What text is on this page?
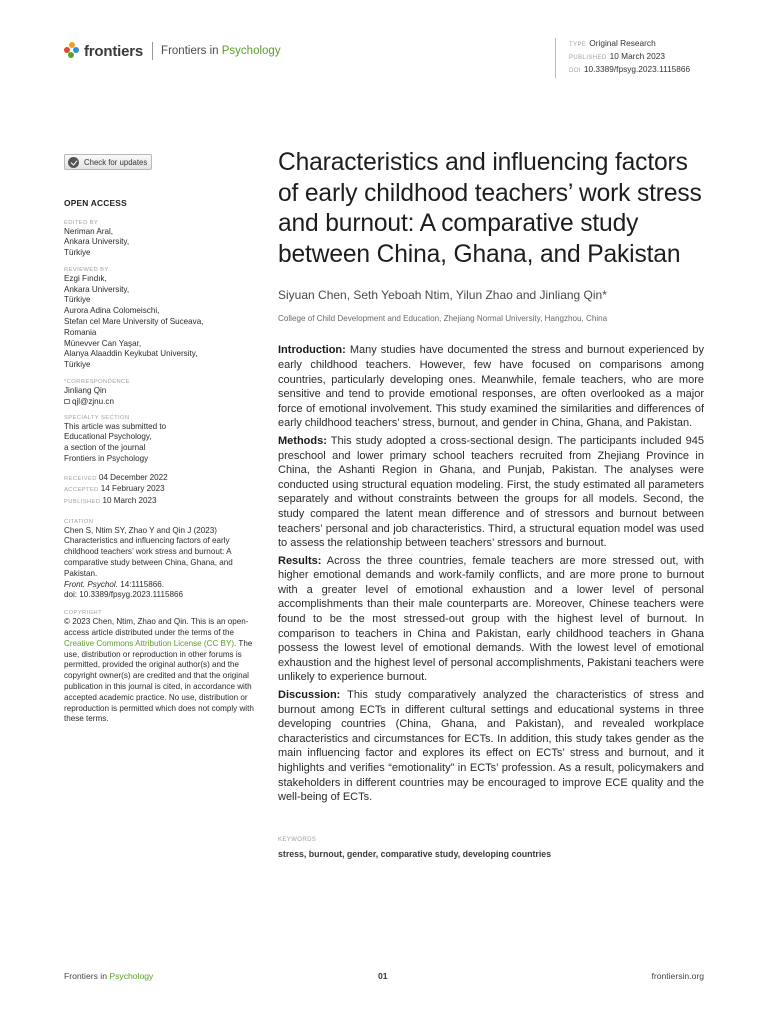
frontiers Frontiers in Psychology	TYPE Original Research
PUBLISHED 10 March 2023
DOI 10.3389/fpsyg.2023.1115866
Check for updates
OPEN ACCESS
EDITED BY
Neriman Aral,
Ankara University,
Türkiye
REVIEWED BY
Ezgi Fındık,
Ankara University,
Türkiye
Aurora Adina Colomeischi,
Stefan cel Mare University of Suceava,
Romania
Münevver Can Yaşar,
Alanya Alaaddin Keykubat University,
Türkiye
*CORRESPONDENCE
Jinliang Qin
qjl@zjnu.cn
SPECIALTY SECTION
This article was submitted to
Educational Psychology,
a section of the journal
Frontiers in Psychology
RECEIVED 04 December 2022
ACCEPTED 14 February 2023
PUBLISHED 10 March 2023
CITATION
Chen S, Ntim SY, Zhao Y and Qin J (2023) Characteristics and influencing factors of early childhood teachers’ work stress and burnout: A comparative study between China, Ghana, and Pakistan.
Front. Psychol. 14:1115866.
doi: 10.3389/fpsyg.2023.1115866
COPYRIGHT
© 2023 Chen, Ntim, Zhao and Qin. This is an open-access article distributed under the terms of the Creative Commons Attribution License (CC BY). The use, distribution or reproduction in other forums is permitted, provided the original author(s) and the copyright owner(s) are credited and that the original publication in this journal is cited, in accordance with accepted academic practice. No use, distribution or reproduction is permitted which does not comply with these terms.
Characteristics and influencing factors of early childhood teachers’ work stress and burnout: A comparative study between China, Ghana, and Pakistan
Siyuan Chen, Seth Yeboah Ntim, Yilun Zhao and Jinliang Qin*
College of Child Development and Education, Zhejiang Normal University, Hangzhou, China

Introduction: Many studies have documented the stress and burnout experienced by early childhood teachers. However, few have focused on comparisons among countries, particularly developing ones. Meanwhile, female teachers, who are more sensitive and tend to provide emotional responses, are often overlooked as a major force of emotional involvement. This study examined the similarities and differences of early childhood teachers’ stress, burnout, and gender in China, Ghana, and Pakistan.

Methods: This study adopted a cross-sectional design. The participants included 945 preschool and lower primary school teachers recruited from Zhejiang Province in China, the Ashanti Region in Ghana, and Punjab, Pakistan. The analyses were conducted using structural equation modeling. First, the study estimated all parameters separately and without constraints between the groups for all models. Second, the study compared the latent mean difference and of stressors and burnout between teachers’ personal and job characteristics. Third, a structural equation model was used to assess the relationship between teachers’ stressors and burnout.

Results: Across the three countries, female teachers are more stressed out, with higher emotional demands and work-family conflicts, and are more prone to burnout with a greater level of emotional exhaustion and a lower level of personal accomplishments than their male counterparts are. Moreover, Chinese teachers were found to be the most stressed-out group with the highest level of burnout. In comparison to teachers in China and Pakistan, early childhood teachers in Ghana possess the lowest level of emotional demands. With the lowest level of emotional exhaustion and the highest level of personal accomplishments, Pakistani teachers were unlikely to experience burnout.

Discussion: This study comparatively analyzed the characteristics of stress and burnout among ECTs in different cultural settings and educational systems in three developing countries (China, Ghana, and Pakistan), and revealed workplace characteristics and circumstances for ECTs. In addition, this study takes gender as the main influencing factor and explores its effect on ECTs’ stress and burnout, and it highlights and verifies “emotionality” in ECTs’ profession. As a result, policymakers and stakeholders in different countries may be encouraged to improve ECE quality and the well-being of ECTs.

KEYWORDS
stress, burnout, gender, comparative study, developing countries
Frontiers in Psychology	01	frontiersin.org
